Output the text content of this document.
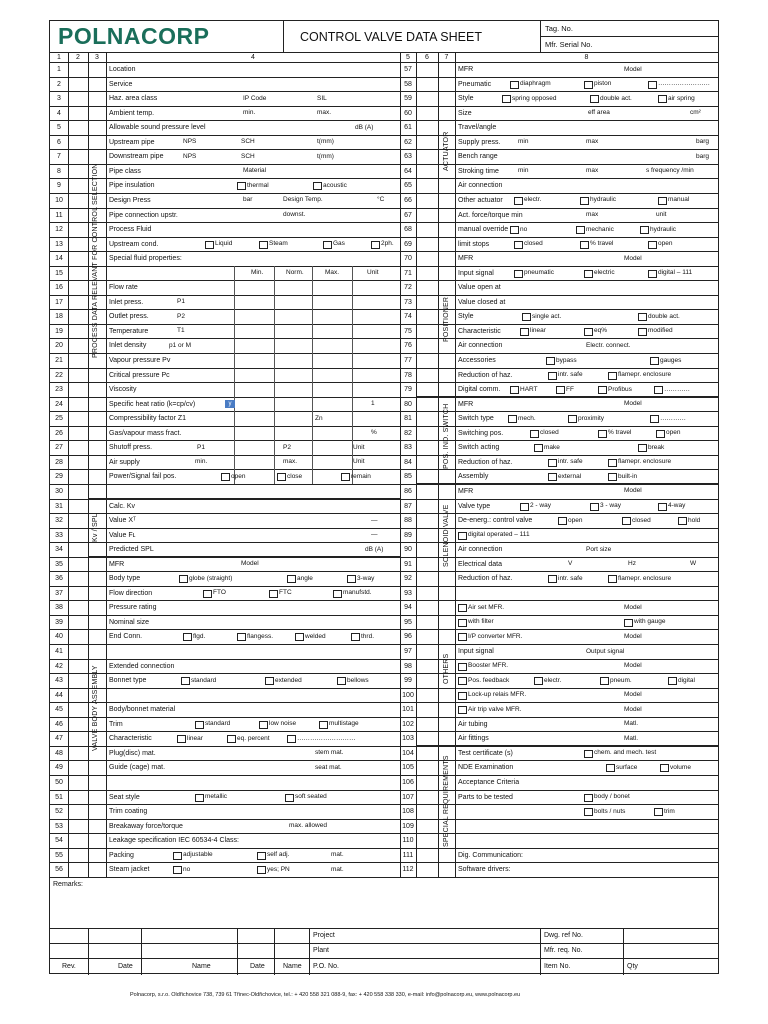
POLNACORP	CONTROL VALVE DATA SHEET
Tag. No.
Mfr. Serial No.
1	2	3	4	5	6	7	8
PROCESS DATA RELEVANT FOR CONTROL SELECTION
Kv / SPL
VALVE BODY ASSEMBLY
ACTUATOR
POSITIONER
POS. IND. SWITCH
SOLENOID VALVE
OTHERS
SPECIAL REQUIREMENTS
1	Location
2	Service
3	Haz. area class	IP Code	SIL
4	Ambient temp.	min.	max.
5	Allowable sound pressure level	dB (A)
6	Upstream pipe	NPS	SCH	t(mm)
7	Downstream pipe	NPS	SCH	t(mm)
8	Pipe class	Material
9	Pipe insulation	thermal	acoustic
10	Design Press	bar	Design Temp.	°C
11	Pipe connection upstr.	downst.
12	Process Fluid
13	Upstream cond.	Liquid	Steam	Gas	2ph.
14	Special fluid properties:
15	Min.	Norm.	Max.	Unit
16	Flow rate
17	Inlet press.	P1
18	Outlet press.	P2
19	Temperature	T1
20	Inlet density	p1 or M
21	Vapour pressure Pv
22	Critical pressure Pc
23	Viscosity
24	Specific heat ratio (k=cp/cv)	y	1
25	Compressibility factor Z1	Zn
26	Gas/vapour mass fract.	%
27	Shutoff press.	P1	P2	Unit
28	Air supply	min.	max.	Unit
29	Power/Signal fail pos.	open	close	remain
30
31	Calc. Kv
32	Value Xᵀ	—
33	Value Fʟ	—
34	Predicted SPL	dB (A)
35	MFR	Model
36	Body type	globe (straight)	angle	3-way
37	Flow direction	FTO	FTC	manufstd.
38	Pressure rating
39	Nominal size
40	End Conn.	flgd.	flangess.	welded	thrd.
41
42	Extended connection
43	Bonnet type	standard	extended	bellows
44
45	Body/bonnet material
46	Trim	standard	low noise	multistage
47	Characteristic	linear	eq. percent	………………………
48	Plug(disc) mat.	stem mat.
49	Guide (cage) mat.	seat mat.
50
51	Seat style	metallic	soft seated
52	Trim coating
53	Breakaway force/torque	max. allowed
54	Leakage specification IEC 60534-4 Class:
55	Packing	adjustable	self adj.	mat.
56	Steam jacket	no	yes; PN	mat.
57	MFR	Model
58	Pneumatic	diaphragm	piston	……………………
59	Style	spring opposed	double act.	air spring
60	Size	eff area	cm²
61	Travel/angle
62	Supply press.	min	max	barg
63	Bench range	barg
64	Stroking time	min	max	s frequency /min
65	Air connection
66	Other actuator	electr.	hydraulic	manual
67	Act. force/torque min	max	unit
68	manual override no	mechanic	hydraulic
69	limit stops	closed	% travel	open
70	MFR	Model
71	Input signal	pneumatic	electric	digital – 111
72	Value open at
73	Value closed at
74	Style	single act.	double act.
75	Characteristic	linear	eq%	modified
76	Air connection	Electr. connect.
77	Accessories	bypass	gauges
78	Reduction of haz.	intr. safe	flamepr. enclosure
79	Digital comm.	HART	FF	Profibus	…………
80	MFR	Model
81	Switch type	mech.	proximity	…………
82	Switching pos.	closed	% travel	open
83	Switch acting	make	break
84	Reduction of haz.	intr. safe	flamepr. enclosure
85	Assembly	external	built-in
86	MFR	Model
87	Valve type	2 - way	3 - way	4-way
88	De-energ.: control valve	open	closed	hold
89	digital operated – 111
90	Air connection	Port size
91	Electrical data	V	Hz	W
92	Reduction of haz.	intr. safe	flamepr. enclosure
93
94	Air set MFR.	Model
95	with filter	with gauge
96	I/P converter MFR.	Model
97	Input signal	Output signal
98	Booster MFR.	Model
99	Pos. feedback	electr.	pneum.	digital
100	Lock-up relais MFR.	Model
101	Air trip valve MFR.	Model
102	Air tubing	Matl.
103	Air fittings	Matl.
104	Test certificate (s)	chem. and mech. test
105	NDE Examination	surface	volume
106	Acceptance Criteria
107	Parts to be tested	body / bonet
108	bolts / nuts	trim
109
110
111	Dig. Communication:
112	Software drivers:
Remarks:
Project
Plant
P.O. No.
Dwg. ref No.
Mfr. req. No.
Item No.	Qty
Rev.	Date	Name	Date	Name
Polnacorp, s.r.o. Oldřichovice 738, 739 61 Třinec-Oldřichovice, tel.: + 420 558 321 088-9, fax: + 420 558 338 330, e-mail: info@polnacorp.eu, www.polnacorp.eu
